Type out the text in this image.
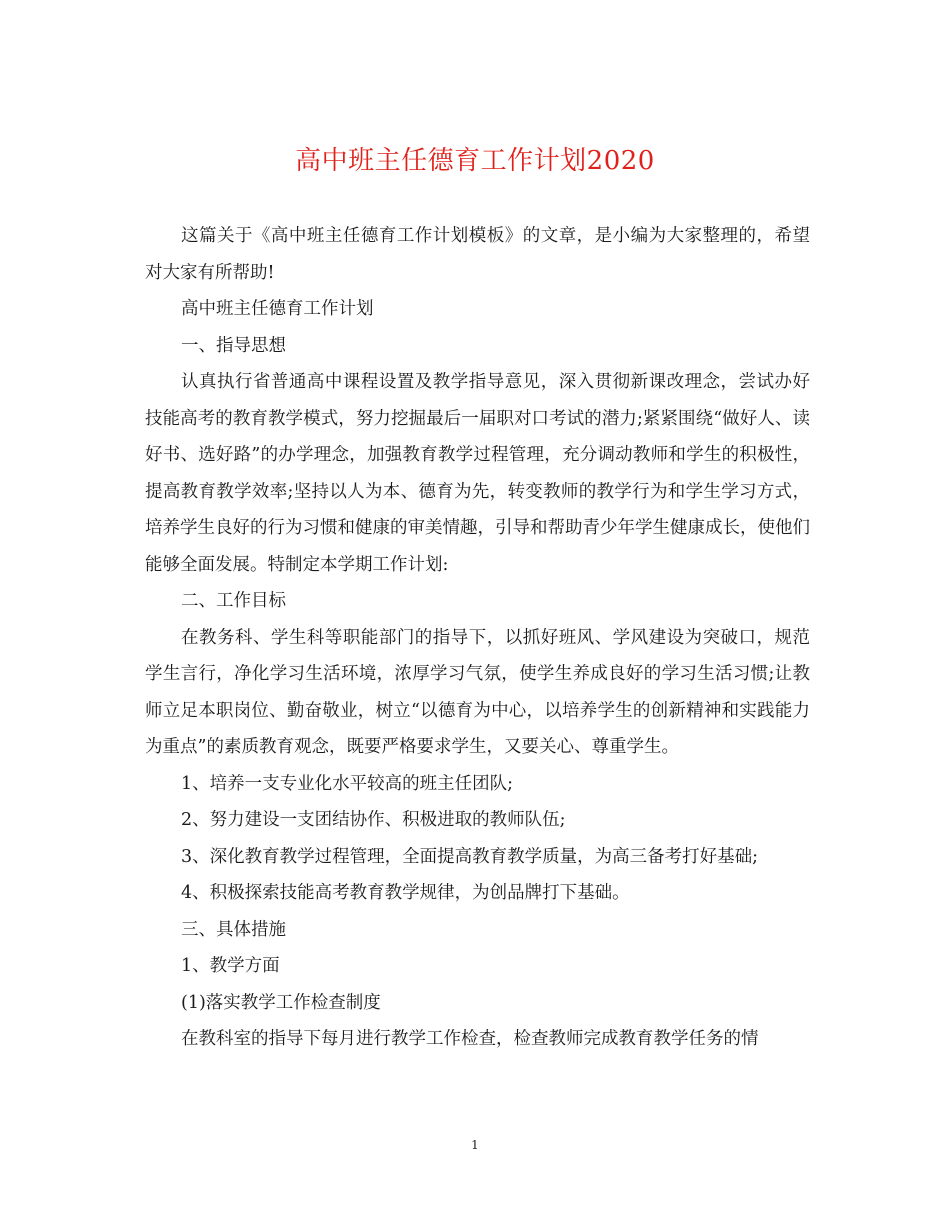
高中班主任德育工作计划2020

这篇关于《高中班主任德育工作计划模板》的文章，是小编为大家整理的，希望对大家有所帮助!

高中班主任德育工作计划

一、指导思想

认真执行省普通高中课程设置及教学指导意见，深入贯彻新课改理念，尝试办好技能高考的教育教学模式，努力挖掘最后一届职对口考试的潜力;紧紧围绕“做好人、读好书、选好路”的办学理念，加强教育教学过程管理，充分调动教师和学生的积极性，提高教育教学效率;坚持以人为本、德育为先，转变教师的教学行为和学生学习方式，培养学生良好的行为习惯和健康的审美情趣，引导和帮助青少年学生健康成长，使他们能够全面发展。特制定本学期工作计划:

二、工作目标

在教务科、学生科等职能部门的指导下，以抓好班风、学风建设为突破口，规范学生言行，净化学习生活环境，浓厚学习气氛，使学生养成良好的学习生活习惯;让教师立足本职岗位、勤奋敬业，树立“以德育为中心，以培养学生的创新精神和实践能力为重点”的素质教育观念，既要严格要求学生，又要关心、尊重学生。

1、培养一支专业化水平较高的班主任团队;

2、努力建设一支团结协作、积极进取的教师队伍;

3、深化教育教学过程管理，全面提高教育教学质量，为高三备考打好基础;

4、积极探索技能高考教育教学规律，为创品牌打下基础。

三、具体措施

1、教学方面

(1)落实教学工作检查制度

在教科室的指导下每月进行教学工作检查，检查教师完成教育教学任务的情

1
